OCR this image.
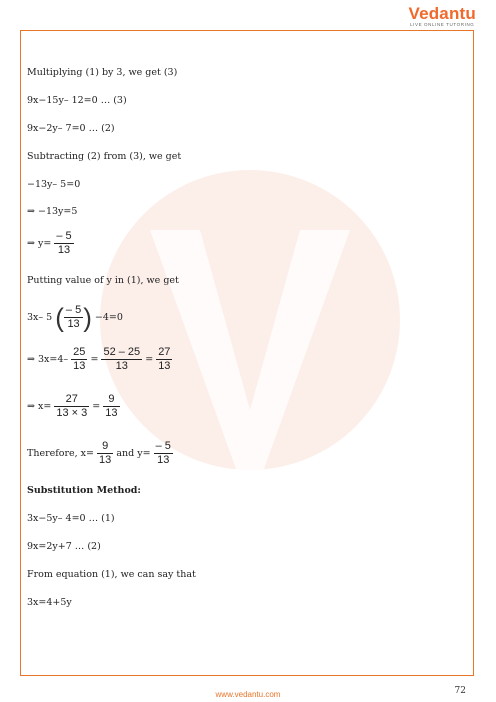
Vedantu
LIVE ONLINE TUTORING
Multiplying (1) by 3, we get (3)
9x−15y– 12=0 … (3)
9x−2y– 7=0 … (2)
Subtracting (2) from (3), we get
−13y– 5=0
⇒ −13y=5
⇒ $y= \frac{- 5}{13}$
Putting value of y in (1), we get
3x– 5 ( $\frac{- 5}{13}$ ) −4=0
⇒ $3x=4- \frac{25}{13} = \frac{52 - 25}{13} = \frac{27}{13}$
⇒ $x= \frac{27}{13 \times 3} = \frac{9}{13}$
Therefore, $x= \frac{9}{13}$ and $y= \frac{- 5}{13}$
Substitution Method:
3x−5y– 4=0 … (1)
9x=2y+7 … (2)
From equation (1), we can say that
3x=4+5y
72
www.vedantu.com
